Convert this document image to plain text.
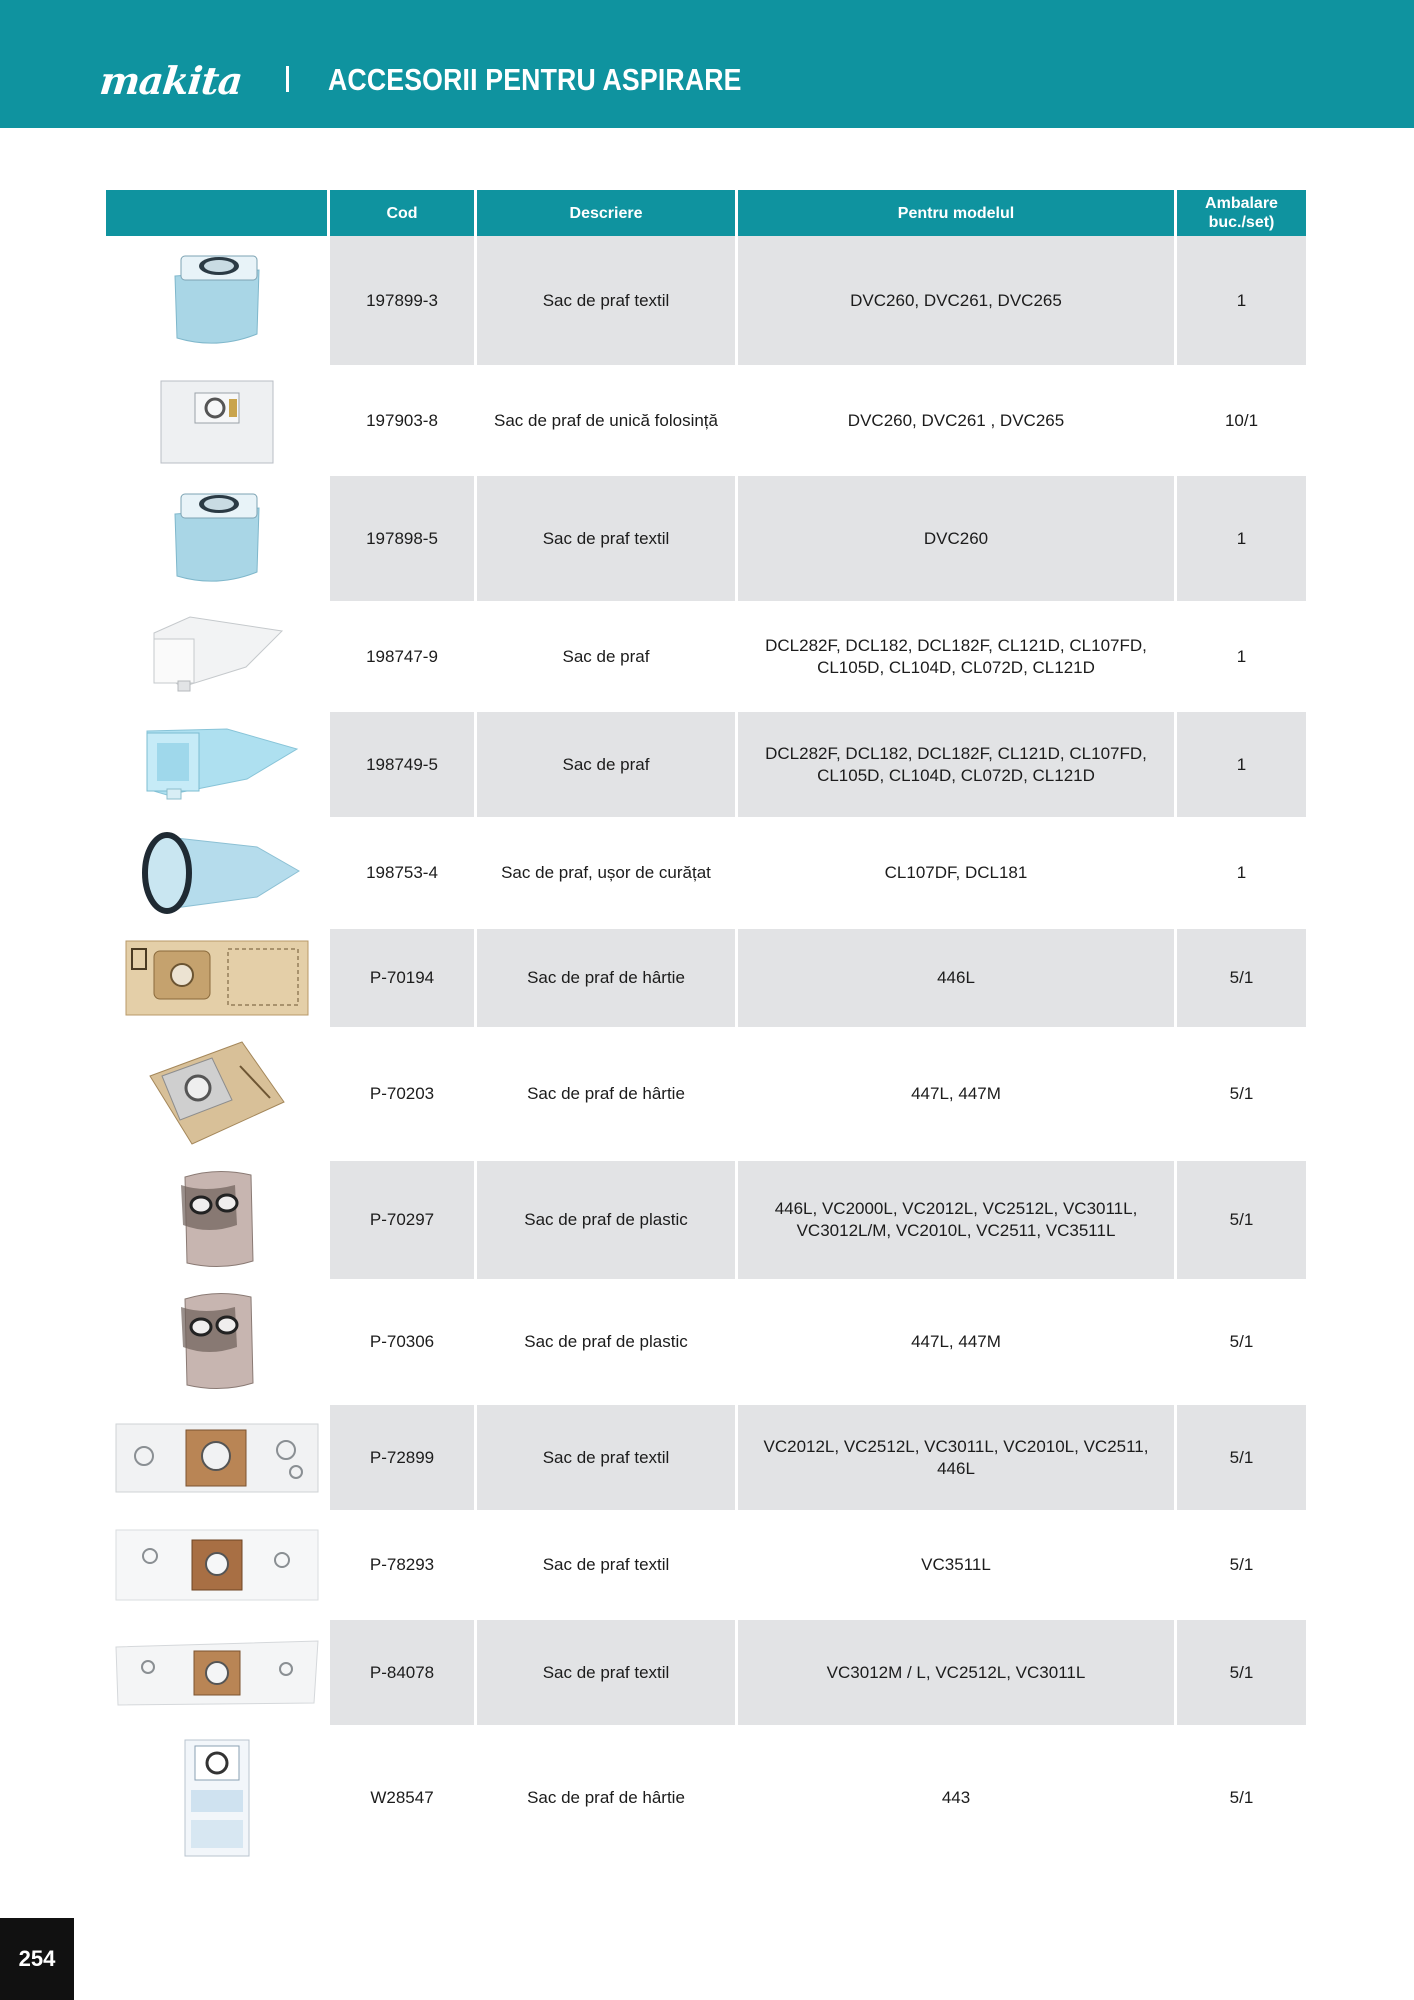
makita	ACCESORII PENTRU ASPIRARE
	Cod	Descriere	Pentru modelul	Ambalare buc./set)

	197899-3	Sac de praf textil	DVC260, DVC261, DVC265	1

	197903-8	Sac de praf de unică folosință	DVC260, DVC261 , DVC265	10/1

	197898-5	Sac de praf textil	DVC260	1

	198747-9	Sac de praf	DCL282F, DCL182, DCL182F, CL121D, CL107FD, CL105D, CL104D, CL072D, CL121D	1

	198749-5	Sac de praf	DCL282F, DCL182, DCL182F, CL121D, CL107FD, CL105D, CL104D, CL072D, CL121D	1

	198753-4	Sac de praf, ușor de curățat	CL107DF, DCL181	1

	P-70194	Sac de praf de hârtie	446L	5/1

	P-70203	Sac de praf de hârtie	447L, 447M	5/1

	P-70297	Sac de praf de plastic	446L, VC2000L, VC2012L, VC2512L, VC3011L, VC3012L/M, VC2010L, VC2511, VC3511L	5/1

	P-70306	Sac de praf de plastic	447L, 447M	5/1

	P-72899	Sac de praf textil	VC2012L, VC2512L, VC3011L, VC2010L, VC2511, 446L	5/1

	P-78293	Sac de praf textil	VC3511L	5/1

	P-84078	Sac de praf textil	VC3012M / L, VC2512L, VC3011L	5/1

	W28547	Sac de praf de hârtie	443	5/1
254
